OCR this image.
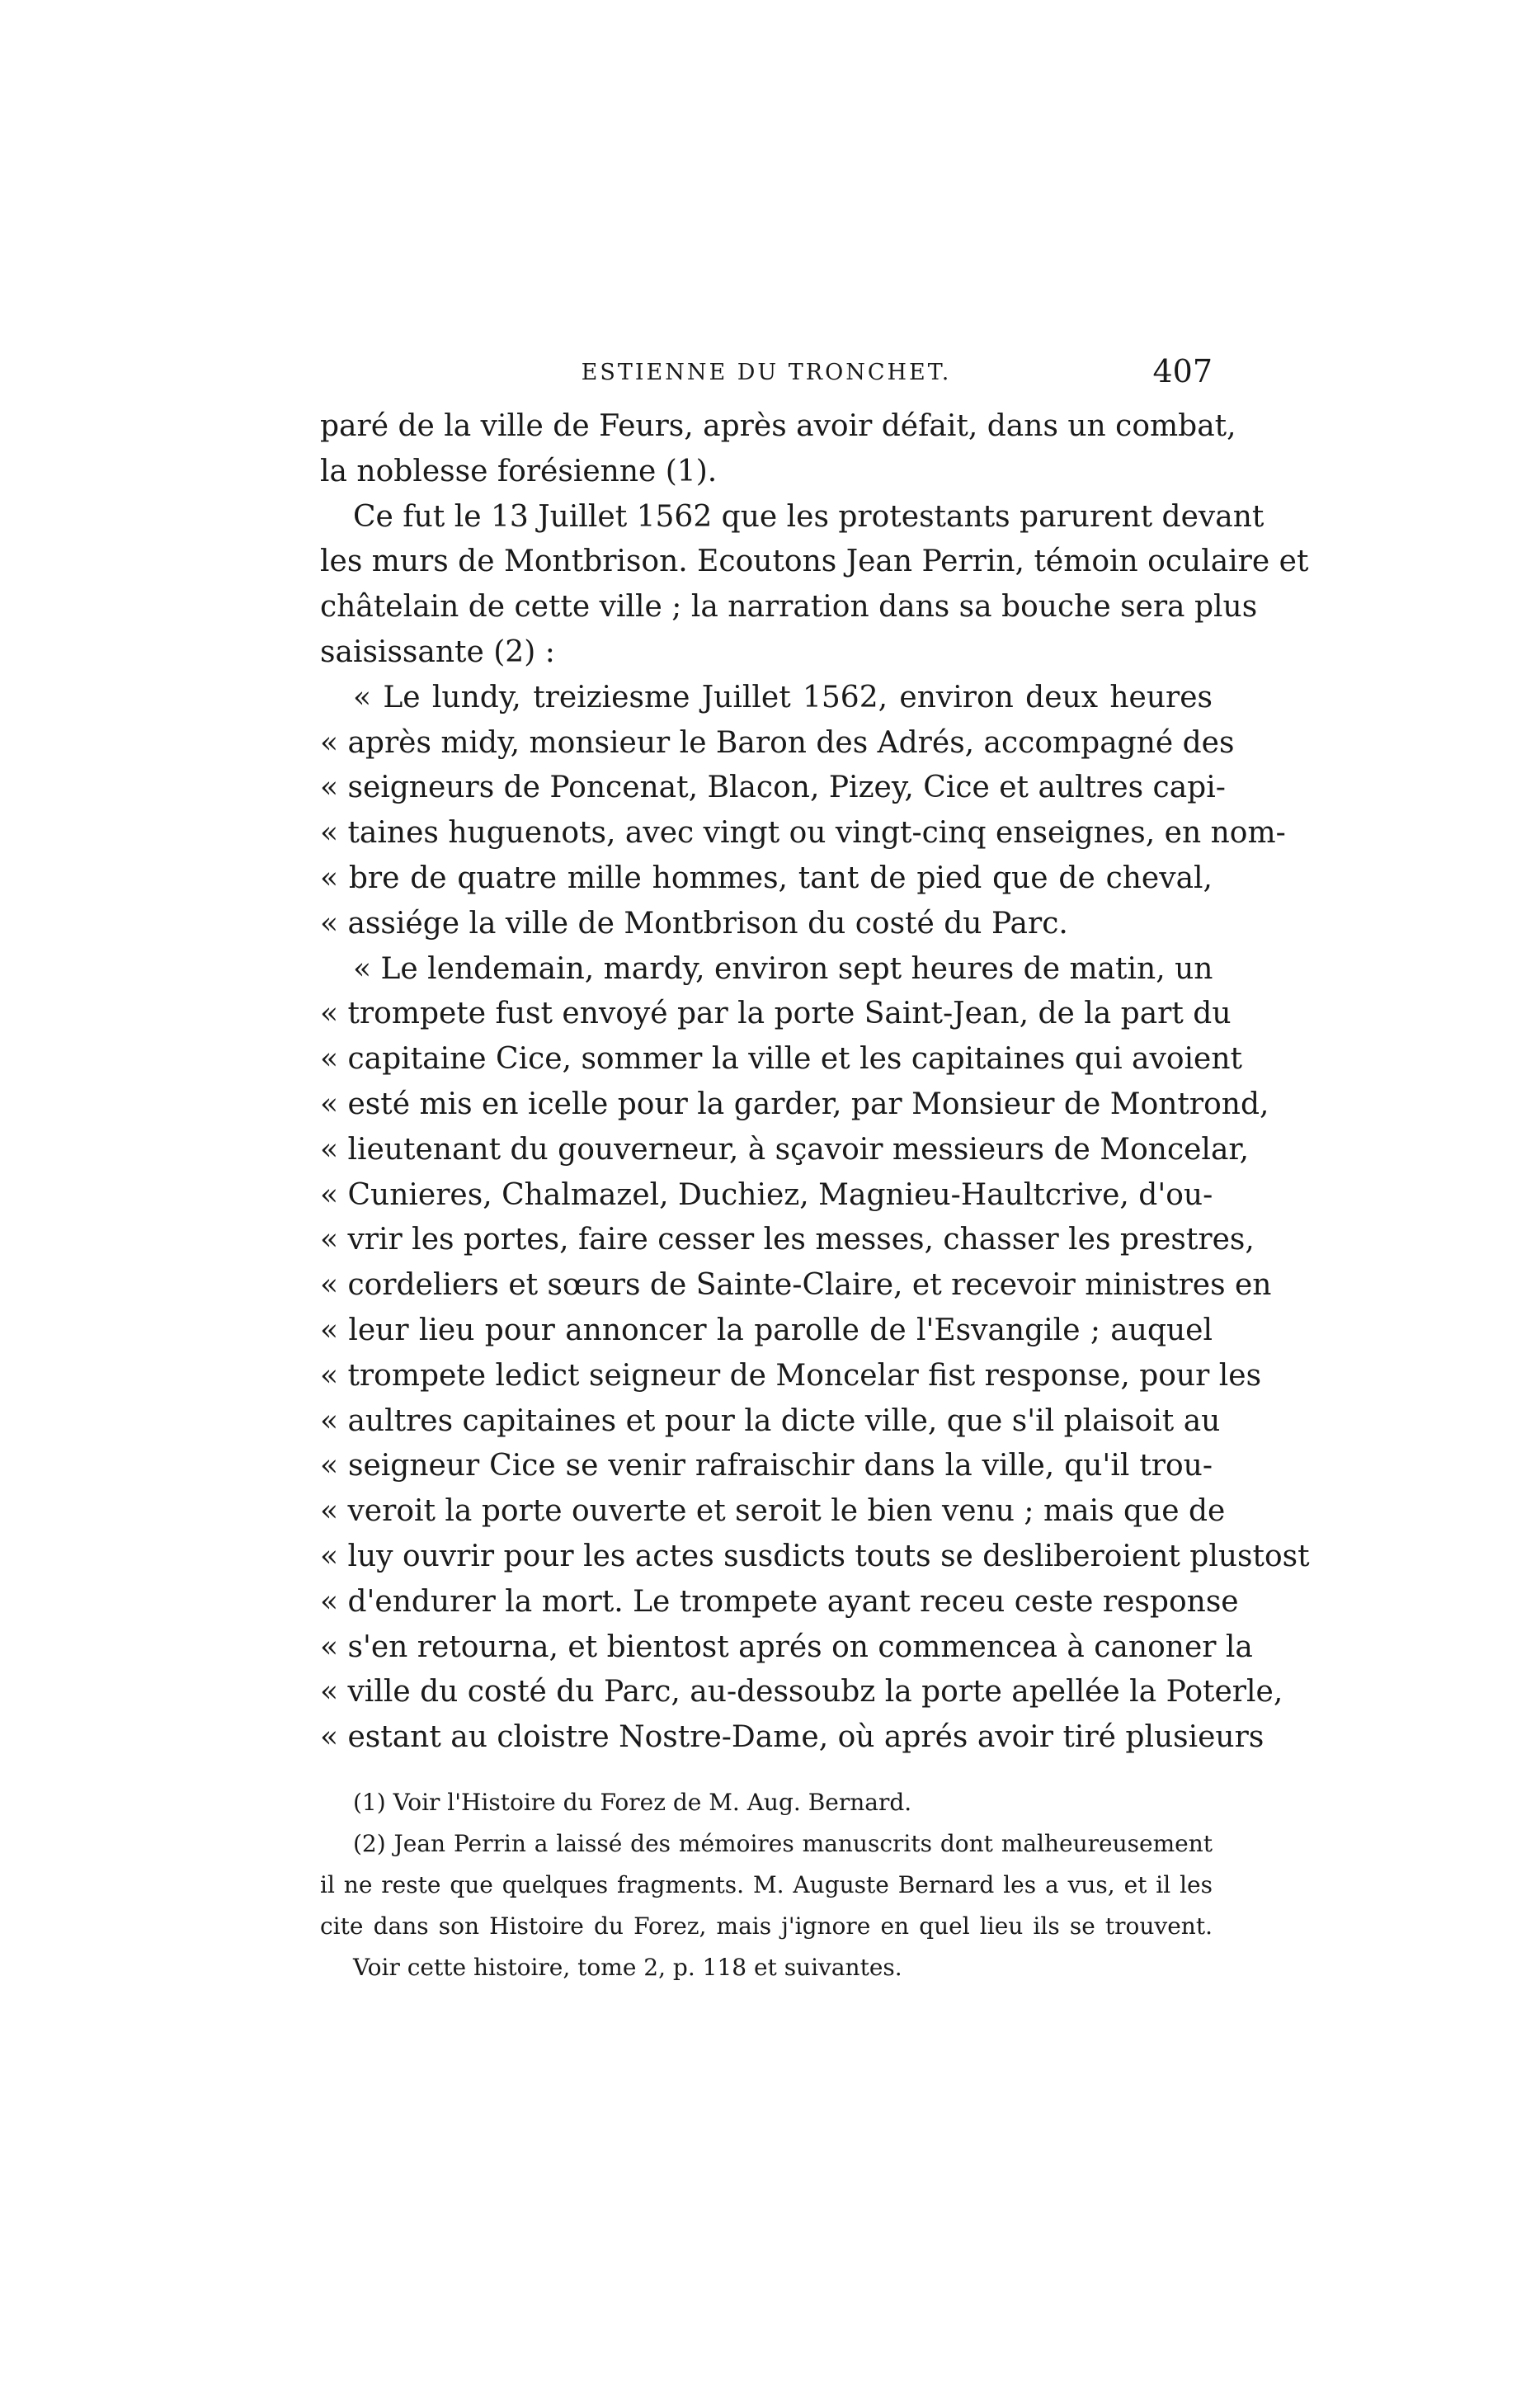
ESTIENNE DU TRONCHET.	407
paré de la ville de Feurs, après avoir défait, dans un combat,
la noblesse forésienne (1).
Ce fut le 13 Juillet 1562 que les protestants parurent devant
les murs de Montbrison. Ecoutons Jean Perrin, témoin oculaire et
châtelain de cette ville ; la narration dans sa bouche sera plus
saisissante (2) :
« Le lundy, treiziesme Juillet 1562, environ deux heures
« après midy, monsieur le Baron des Adrés, accompagné des
« seigneurs de Poncenat, Blacon, Pizey, Cice et aultres capi-
« taines huguenots, avec vingt ou vingt-cinq enseignes, en nom-
« bre de quatre mille hommes, tant de pied que de cheval,
« assiége la ville de Montbrison du costé du Parc.
« Le lendemain, mardy, environ sept heures de matin, un
« trompete fust envoyé par la porte Saint-Jean, de la part du
« capitaine Cice, sommer la ville et les capitaines qui avoient
« esté mis en icelle pour la garder, par Monsieur de Montrond,
« lieutenant du gouverneur, à sçavoir messieurs de Moncelar,
« Cunieres, Chalmazel, Duchiez, Magnieu-Haultcrive, d'ou-
« vrir les portes, faire cesser les messes, chasser les prestres,
« cordeliers et sœurs de Sainte-Claire, et recevoir ministres en
« leur lieu pour annoncer la parolle de l'Esvangile ; auquel
« trompete ledict seigneur de Moncelar fist response, pour les
« aultres capitaines et pour la dicte ville, que s'il plaisoit au
« seigneur Cice se venir rafraischir dans la ville, qu'il trou-
« veroit la porte ouverte et seroit le bien venu ; mais que de
« luy ouvrir pour les actes susdicts touts se desliberoient plustost
« d'endurer la mort. Le trompete ayant receu ceste response
« s'en retourna, et bientost aprés on commencea à canoner la
« ville du costé du Parc, au-dessoubz la porte apellée la Poterle,
« estant au cloistre Nostre-Dame, où aprés avoir tiré plusieurs
(1) Voir l'Histoire du Forez de M. Aug. Bernard.
(2) Jean Perrin a laissé des mémoires manuscrits dont malheureusement
il ne reste que quelques fragments. M. Auguste Bernard les a vus, et il les
cite dans son Histoire du Forez, mais j'ignore en quel lieu ils se trouvent.
Voir cette histoire, tome 2, p. 118 et suivantes.
